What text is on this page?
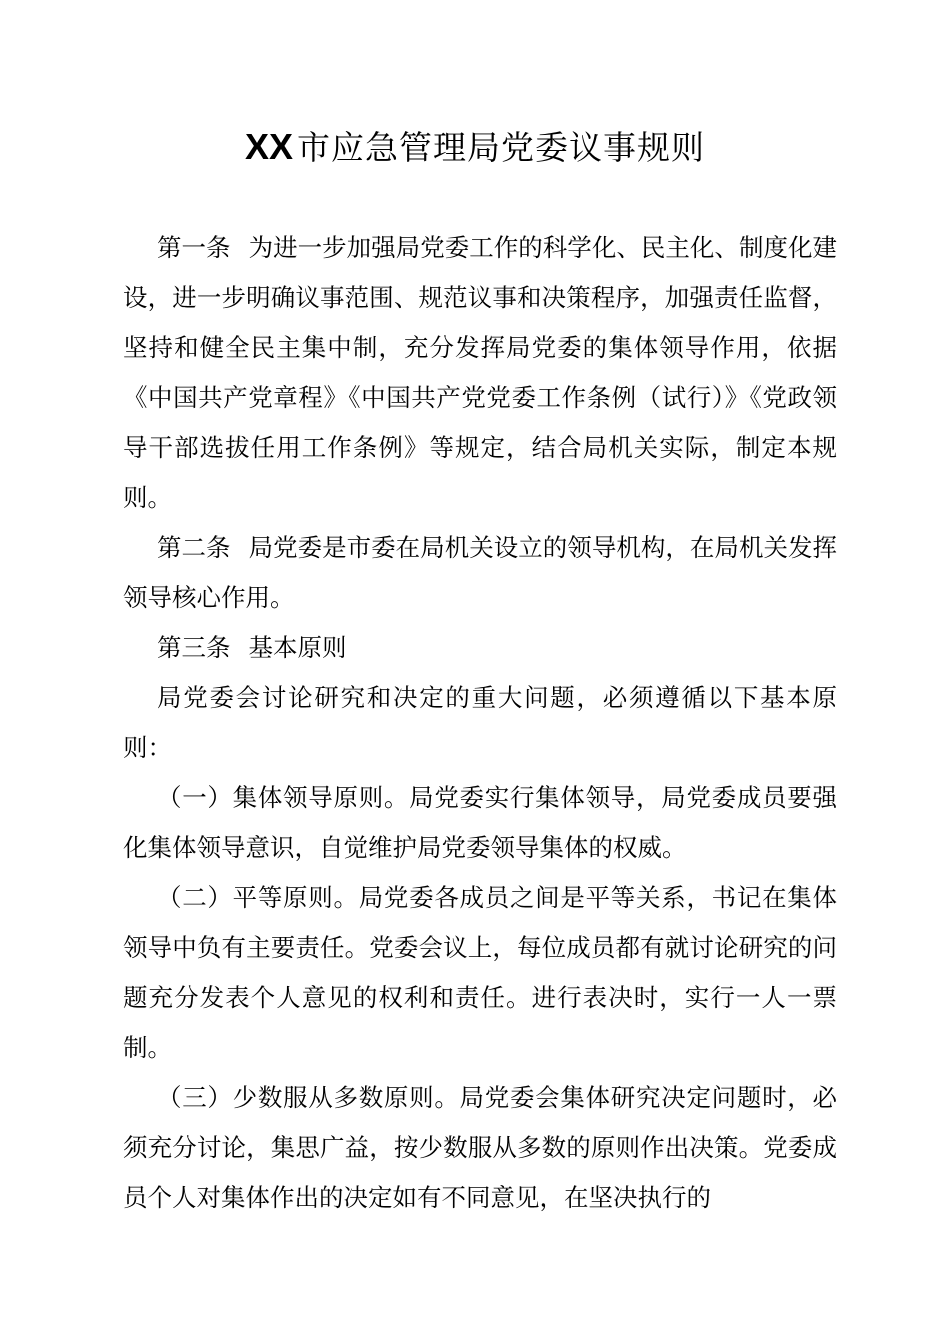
XX 市应急管理局党委议事规则

第一条 为进一步加强局党委工作的科学化、民主化、制度化建设，进一步明确议事范围、规范议事和决策程序，加强责任监督，坚持和健全民主集中制，充分发挥局党委的集体领导作用，依据《中国共产党章程》《中国共产党党委工作条例（试行）》《党政领导干部选拔任用工作条例》等规定，结合局机关实际，制定本规则。

第二条 局党委是市委在局机关设立的领导机构，在局机关发挥领导核心作用。

第三条 基本原则

局党委会讨论研究和决定的重大问题，必须遵循以下基本原则：

（一）集体领导原则。局党委实行集体领导，局党委成员要强化集体领导意识，自觉维护局党委领导集体的权威。

（二）平等原则。局党委各成员之间是平等关系，书记在集体领导中负有主要责任。党委会议上，每位成员都有就讨论研究的问题充分发表个人意见的权利和责任。进行表决时，实行一人一票制。

（三）少数服从多数原则。局党委会集体研究决定问题时，必须充分讨论，集思广益，按少数服从多数的原则作出决策。党委成员个人对集体作出的决定如有不同意见，在坚决执行的
